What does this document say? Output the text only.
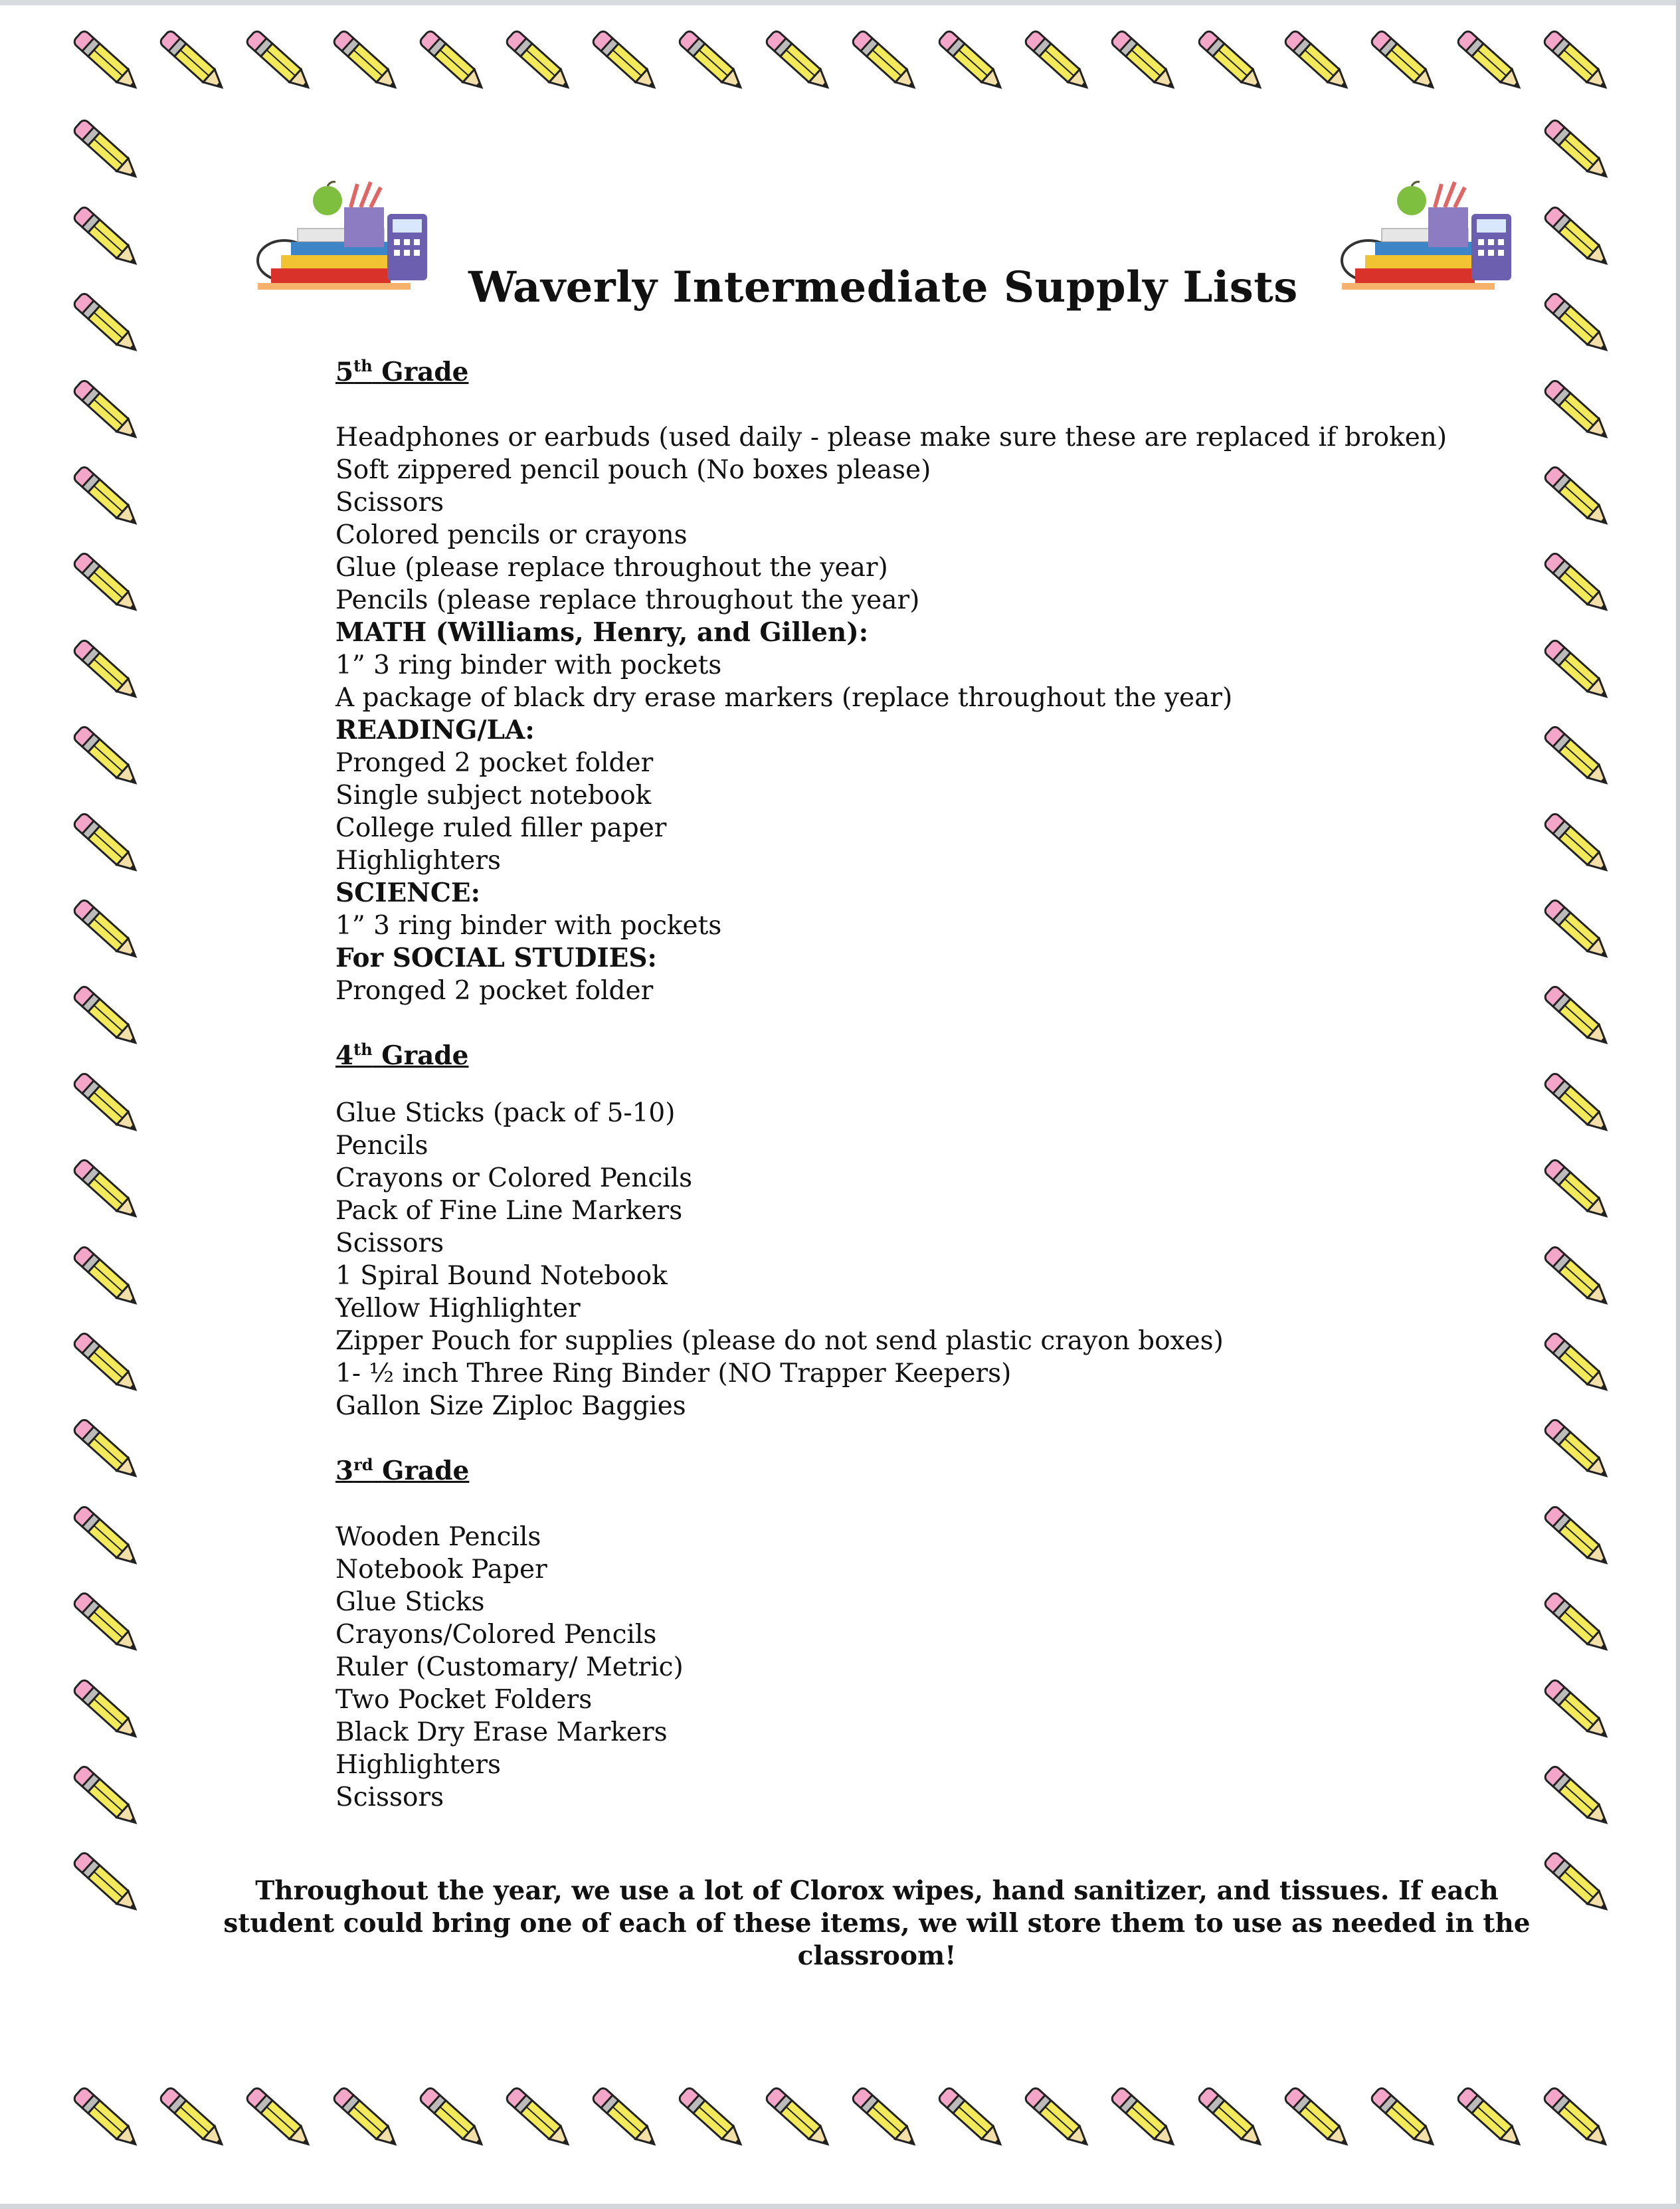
Waverly Intermediate Supply Lists

5th Grade

Headphones or earbuds (used daily - please make sure these are replaced if broken)
Soft zippered pencil pouch (No boxes please)
Scissors
Colored pencils or crayons
Glue (please replace throughout the year)
Pencils (please replace throughout the year)
MATH (Williams, Henry, and Gillen):
1” 3 ring binder with pockets
A package of black dry erase markers (replace throughout the year)
READING/LA:
Pronged 2 pocket folder
Single subject notebook
College ruled filler paper
Highlighters
SCIENCE:
1” 3 ring binder with pockets
For SOCIAL STUDIES:
Pronged 2 pocket folder

4th Grade

Glue Sticks (pack of 5-10)
Pencils
Crayons or Colored Pencils
Pack of Fine Line Markers
Scissors
1 Spiral Bound Notebook
Yellow Highlighter
Zipper Pouch for supplies (please do not send plastic crayon boxes)
1- ½ inch Three Ring Binder (NO Trapper Keepers)
Gallon Size Ziploc Baggies

3rd Grade

Wooden Pencils
Notebook Paper
Glue Sticks
Crayons/Colored Pencils
Ruler (Customary/ Metric)
Two Pocket Folders
Black Dry Erase Markers
Highlighters
Scissors

Throughout the year, we use a lot of Clorox wipes, hand sanitizer, and tissues. If each student could bring one of each of these items, we will store them to use as needed in the classroom!
